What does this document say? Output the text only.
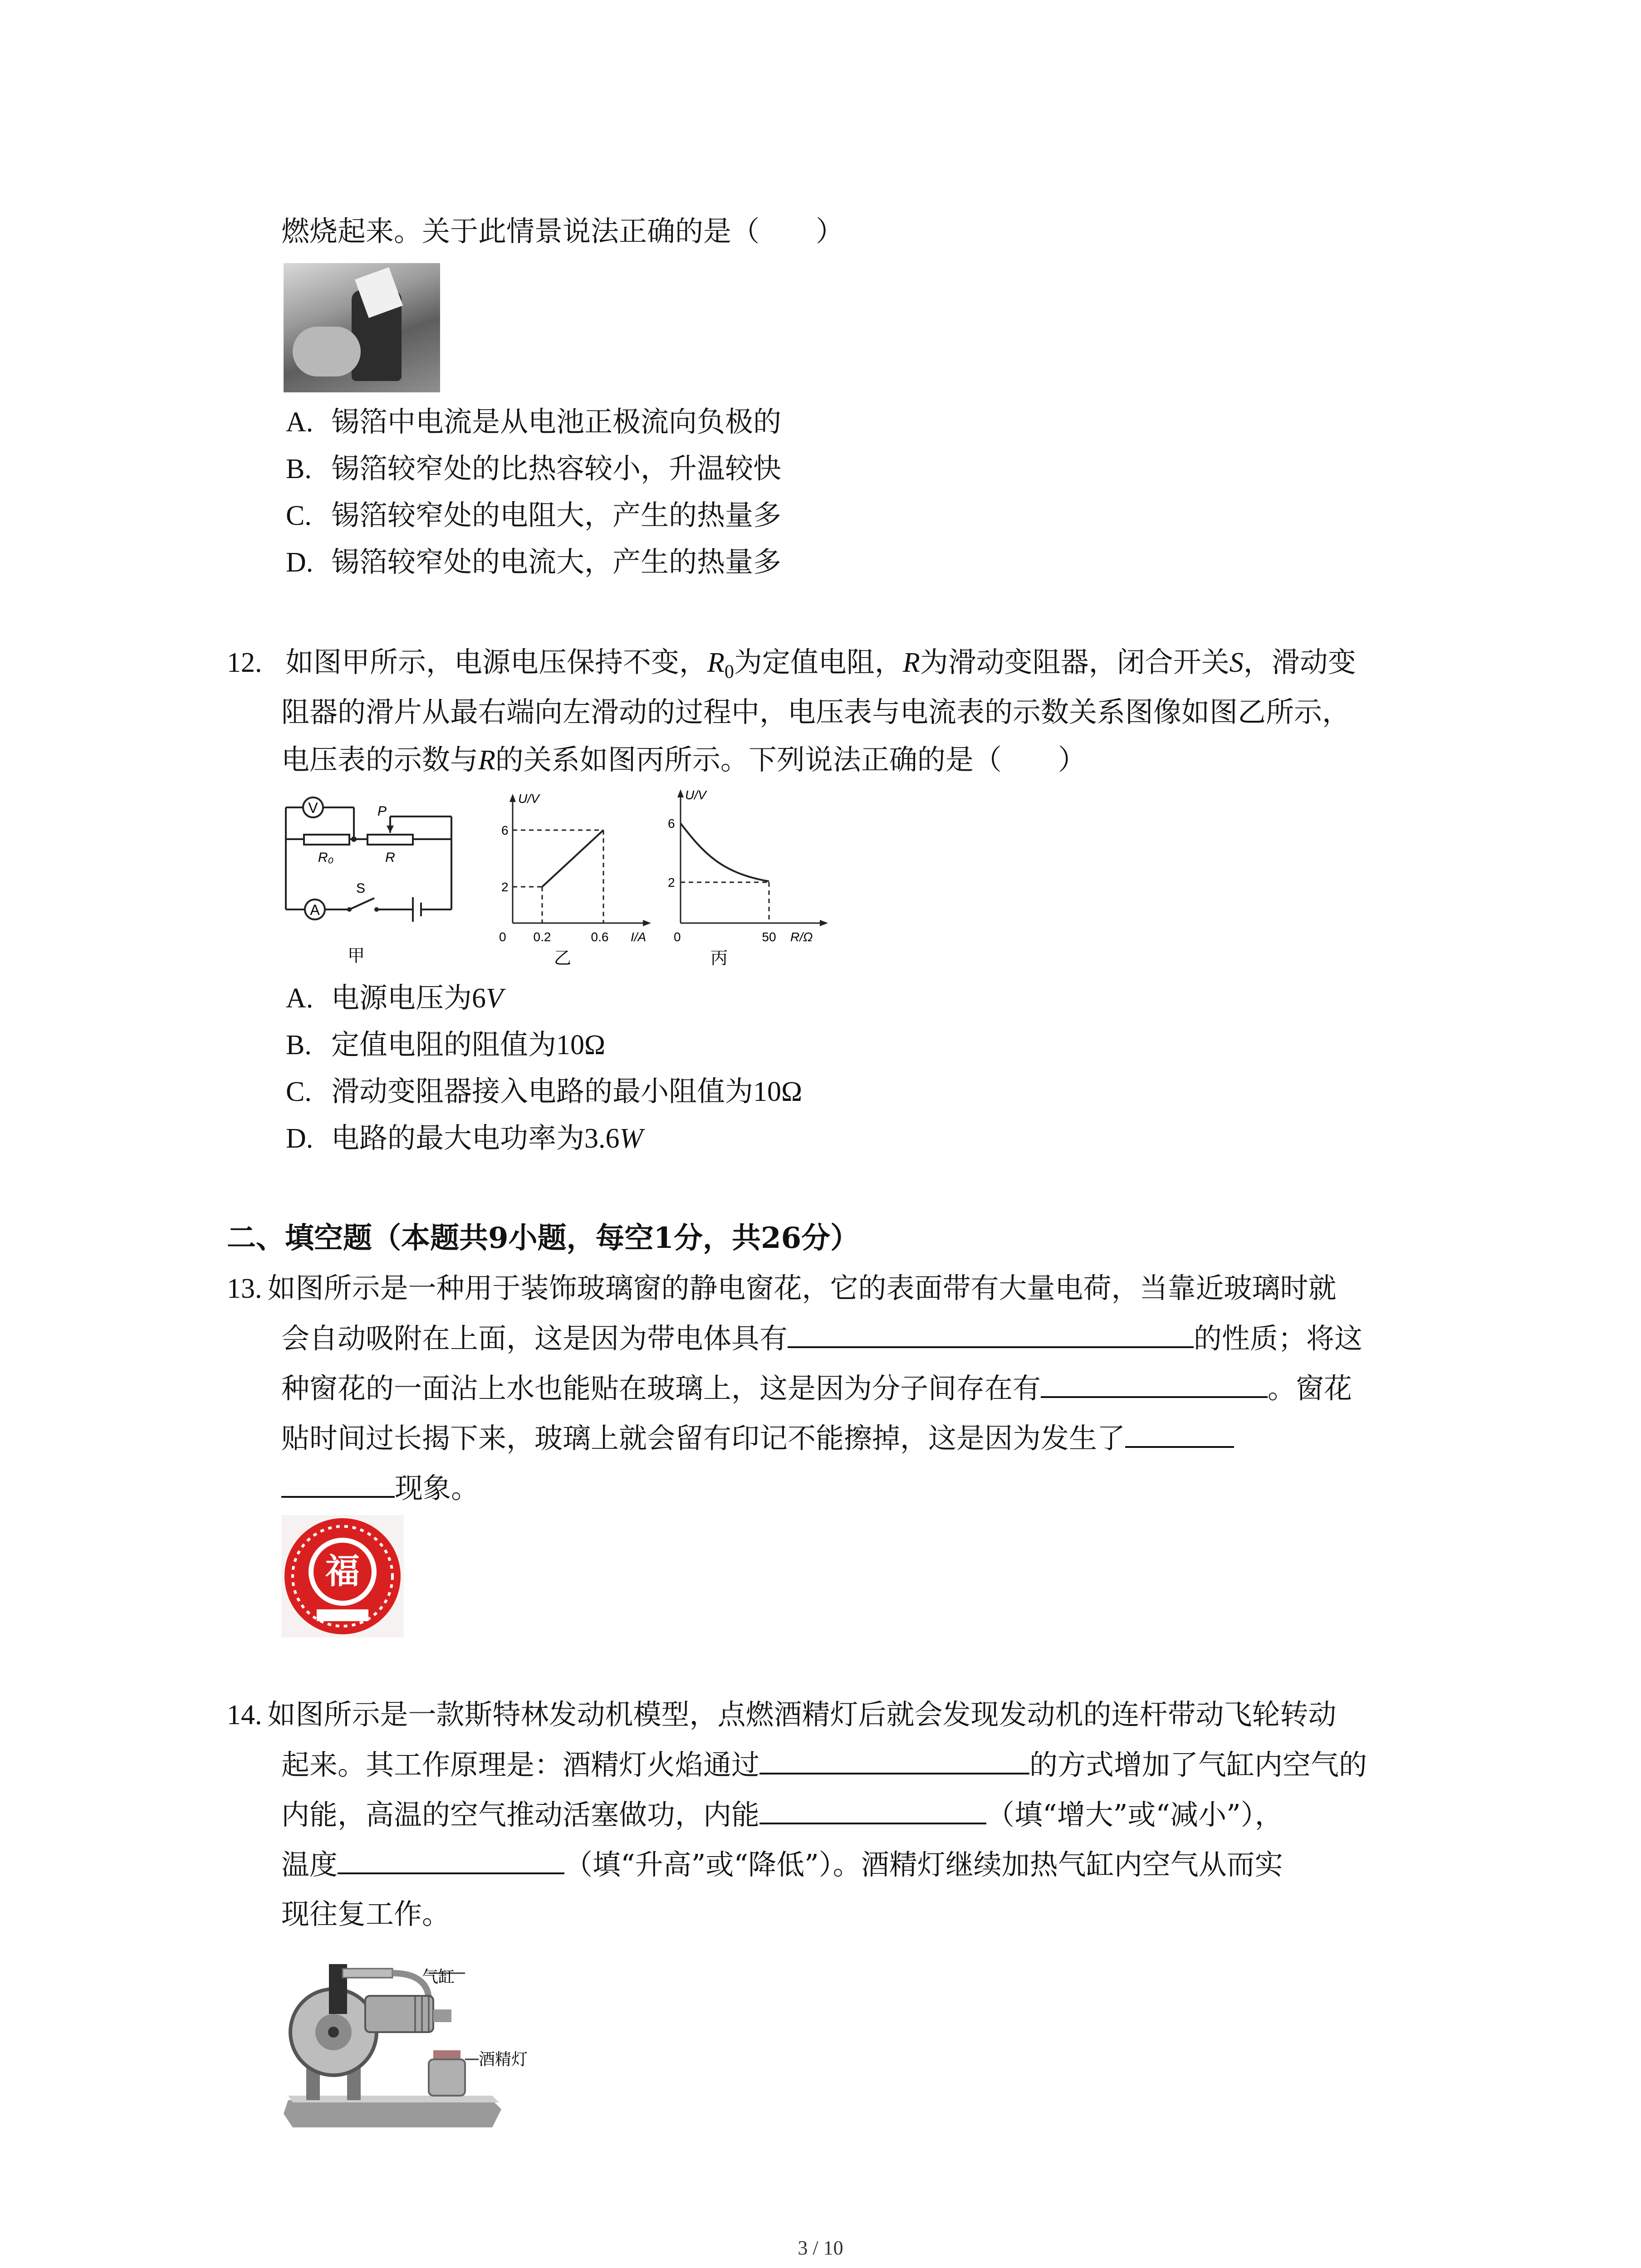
燃烧起来。关于此情景说法正确的是（　　）
A. 锡箔中电流是从电池正极流向负极的
B. 锡箔较窄处的比热容较小，升温较快
C. 锡箔较窄处的电阻大，产生的热量多
D. 锡箔较窄处的电流大，产生的热量多
12. 如图甲所示，电源电压保持不变，$R_0$为定值电阻，R为滑动变阻器，闭合开关S，滑动变
阻器的滑片从最右端向左滑动的过程中，电压表与电流表的示数关系图像如图乙所示，
电压表的示数与R的关系如图丙所示。下列说法正确的是（　　）
V
A
R₀	R
P
S
甲
U/V
I/A
6
2
0 0.2	0.6
乙
U/V
R/Ω
6
2
0	50
丙
A. 电源电压为6V
B. 定值电阻的阻值为10Ω
C. 滑动变阻器接入电路的最小阻值为10Ω
D. 电路的最大电功率为3.6W
二、填空题（本题共9小题，每空1分，共26分）
13. 如图所示是一种用于装饰玻璃窗的静电窗花，它的表面带有大量电荷，当靠近玻璃时就
会自动吸附在上面，这是因为带电体具有	的性质；将这
种窗花的一面沾上水也能贴在玻璃上，这是因为分子间存在有	。窗花
贴时间过长揭下来，玻璃上就会留有印记不能擦掉，这是因为发生了
现象。
福
14. 如图所示是一款斯特林发动机模型，点燃酒精灯后就会发现发动机的连杆带动飞轮转动
起来。其工作原理是：酒精灯火焰通过	的方式增加了气缸内空气的
内能，高温的空气推动活塞做功，内能	（填“增大”或“减小”），
温度	（填“升高”或“降低”）。酒精灯继续加热气缸内空气从而实
现往复工作。
气缸
酒精灯
3 / 10
